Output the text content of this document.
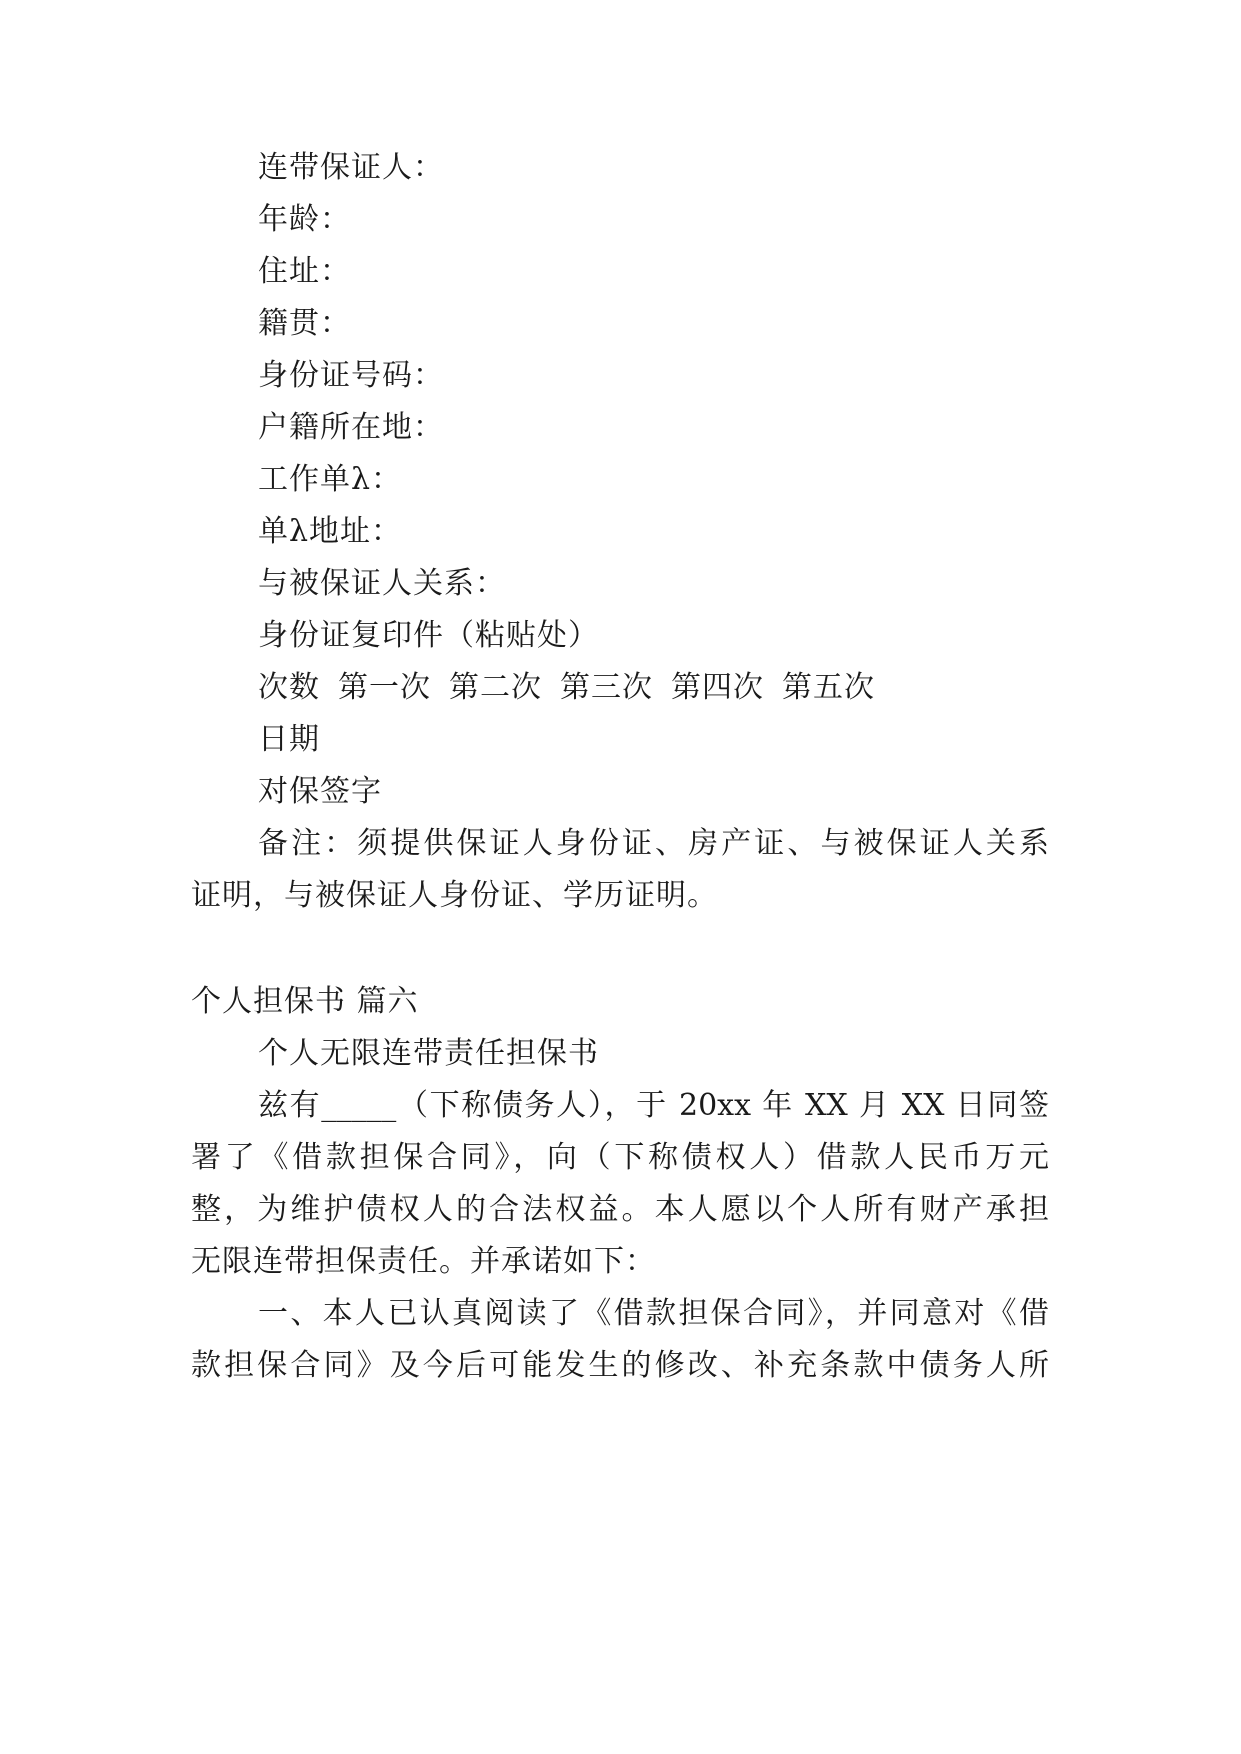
连带保证人：
年龄：
住址：
籍贯：
身份证号码：
户籍所在地：
工作单λ：
单λ地址：
与被保证人关系：
身份证复印件（粘贴处）
次数 第一次 第二次 第三次 第四次 第五次
日期
对保签字
备注：须提供保证人身份证、房产证、与被保证人关系
证明，与被保证人身份证、学历证明。
个人担保书 篇六
个人无限连带责任担保书
兹有_____（下称债务人），于 20xx 年 XX 月 XX 日同签
署了《借款担保合同》，向（下称债权人）借款人民币万元
整，为维护债权人的合法权益。本人愿以个人所有财产承担
无限连带担保责任。并承诺如下：
一、本人已认真阅读了《借款担保合同》，并同意对《借
款担保合同》及今后可能发生的修改、补充条款中债务人所
